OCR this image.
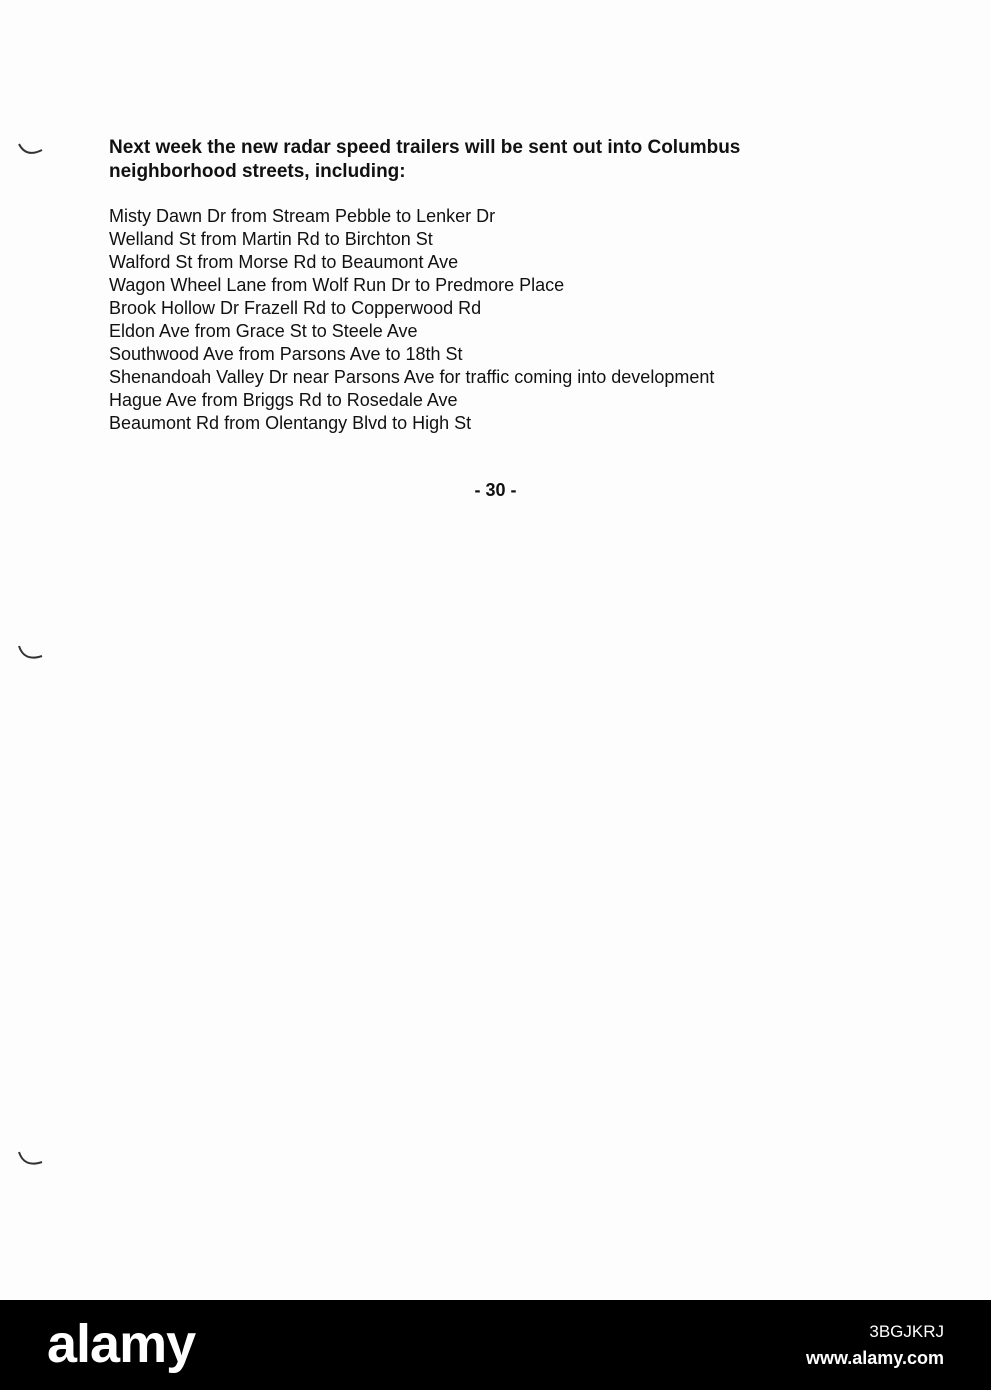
Next week the new radar speed trailers will be sent out into Columbus
neighborhood streets, including:
Misty Dawn Dr from Stream Pebble to Lenker Dr
Welland St from Martin Rd to Birchton St
Walford St from Morse Rd to Beaumont Ave
Wagon Wheel Lane from Wolf Run Dr to Predmore Place
Brook Hollow Dr Frazell Rd to Copperwood Rd
Eldon Ave from Grace St to Steele Ave
Southwood Ave from Parsons Ave to 18th St
Shenandoah Valley Dr near Parsons Ave for traffic coming into development
Hague Ave from Briggs Rd to Rosedale Ave
Beaumont Rd from Olentangy Blvd to High St
- 30 -
alamy	3BGJKRJ
www.alamy.com
